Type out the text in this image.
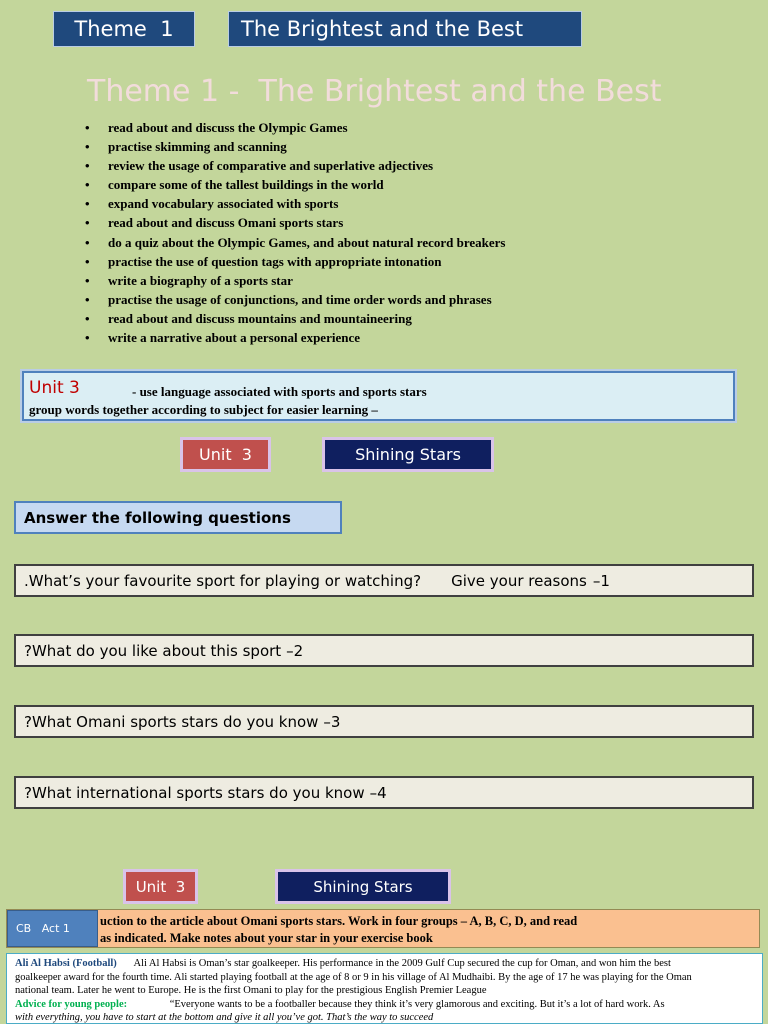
Theme  1	The Brightest and the Best
Theme 1 -  The Brightest and the Best
• read about and discuss the Olympic Games
• practise skimming and scanning
• review the usage of comparative and superlative adjectives
• compare some of the tallest buildings in the world
• expand vocabulary associated with sports
• read about and discuss Omani sports stars
• do a quiz about the Olympic Games, and about natural record breakers
• practise the use of question tags with appropriate intonation
• write a biography of a sports star
• practise the usage of conjunctions, and time order words and phrases
• read about and discuss mountains and mountaineering
• write a narrative about a personal experience
Unit 3	- use language associated with sports and sports stars
group words together according to subject for easier learning –
Unit  3	Shining Stars
Answer the following questions
.What’s your favourite sport for playing or watching? Give your reasons –1
?What do you like about this sport –2
?What Omani sports stars do you know –3
?What international sports stars do you know –4
Unit  3	Shining Stars
CB   Act 1
uction to the article about Omani sports stars. Work in four groups – A, B, C, D, and read
as indicated. Make notes about your star in your exercise book
Ali Al Habsi (Football) Ali Al Habsi is Oman’s star goalkeeper. His performance in the 2009 Gulf Cup secured the cup for Oman, and won him the best
goalkeeper award for the fourth time. Ali started playing football at the age of 8 or 9 in his village of Al Mudhaibi. By the age of 17 he was playing for the Oman
national team. Later he went to Europe. He is the first Omani to play for the prestigious English Premier League
Advice for young people:	“Everyone wants to be a footballer because they think it’s very glamorous and exciting. But it’s a lot of hard work. As
with everything, you have to start at the bottom and give it all you’ve got. That’s the way to succeed
